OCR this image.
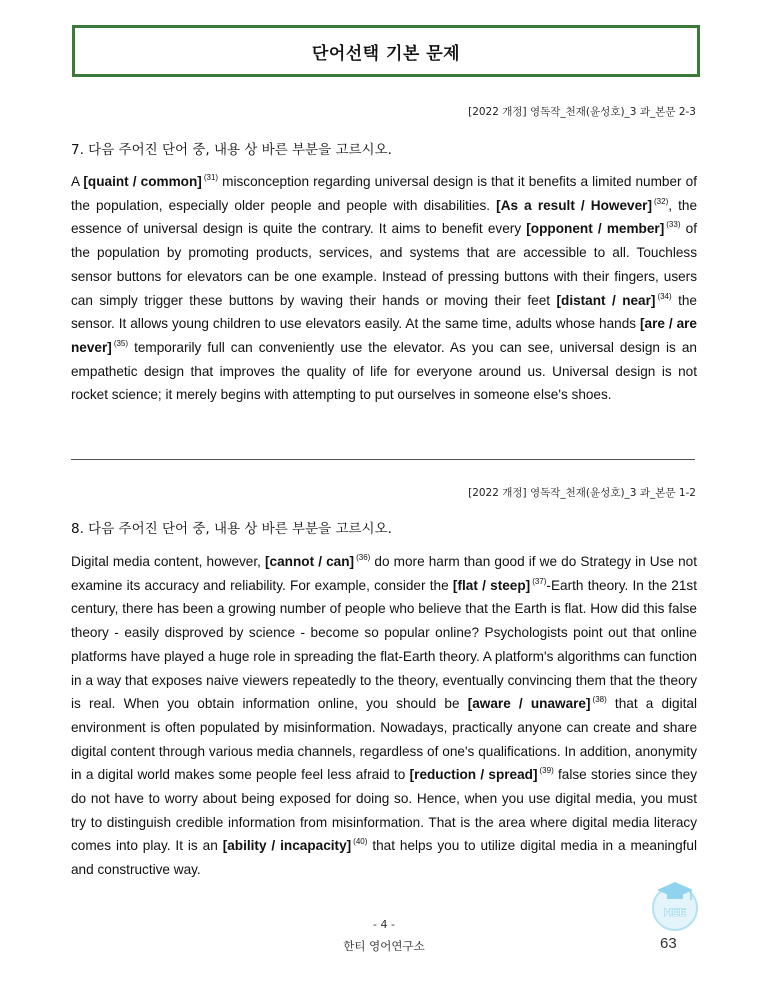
단어선택 기본 문제
[2022 개정] 영독작_천재(윤성호)_3 과_본문 2-3
7. 다음 주어진 단어 중, 내용 상 바른 부분을 고르시오.
A [quaint / common] $^{(31)}$ misconception regarding universal design is that it benefits a limited number of the population, especially older people and people with disabilities. [As a result / However] $^{(32)}$, the essence of universal design is quite the contrary. It aims to benefit every [opponent / member] $^{(33)}$ of the population by promoting products, services, and systems that are accessible to all. Touchless sensor buttons for elevators can be one example. Instead of pressing buttons with their fingers, users can simply trigger these buttons by waving their hands or moving their feet [distant / near] $^{(34)}$ the sensor. It allows young children to use elevators easily. At the same time, adults whose hands [are / are never] $^{(35)}$ temporarily full can conveniently use the elevator. As you can see, universal design is an empathetic design that improves the quality of life for everyone around us. Universal design is not rocket science; it merely begins with attempting to put ourselves in someone else's shoes.
[2022 개정] 영독작_천재(윤성호)_3 과_본문 1-2
8. 다음 주어진 단어 중, 내용 상 바른 부분을 고르시오.
Digital media content, however, [cannot / can] $^{(36)}$ do more harm than good if we do Strategy in Use not examine its accuracy and reliability. For example, consider the [flat / steep] $^{(37)}$-Earth theory. In the 21st century, there has been a growing number of people who believe that the Earth is flat. How did this false theory - easily disproved by science - become so popular online? Psychologists point out that online platforms have played a huge role in spreading the flat-Earth theory. A platform's algorithms can function in a way that exposes naive viewers repeatedly to the theory, eventually convincing them that the theory is real. When you obtain information online, you should be [aware / unaware] $^{(38)}$ that a digital environment is often populated by misinformation. Nowadays, practically anyone can create and share digital content through various media channels, regardless of one's qualifications. In addition, anonymity in a digital world makes some people feel less afraid to [reduction / spread] $^{(39)}$ false stories since they do not have to worry about being exposed for doing so. Hence, when you use digital media, you must try to distinguish credible information from misinformation. That is the area where digital media literacy comes into play. It is an [ability / incapacity] $^{(40)}$ that helps you to utilize digital media in a meaningful and constructive way.
- 4 -
한티 영어연구소	63
HEE
